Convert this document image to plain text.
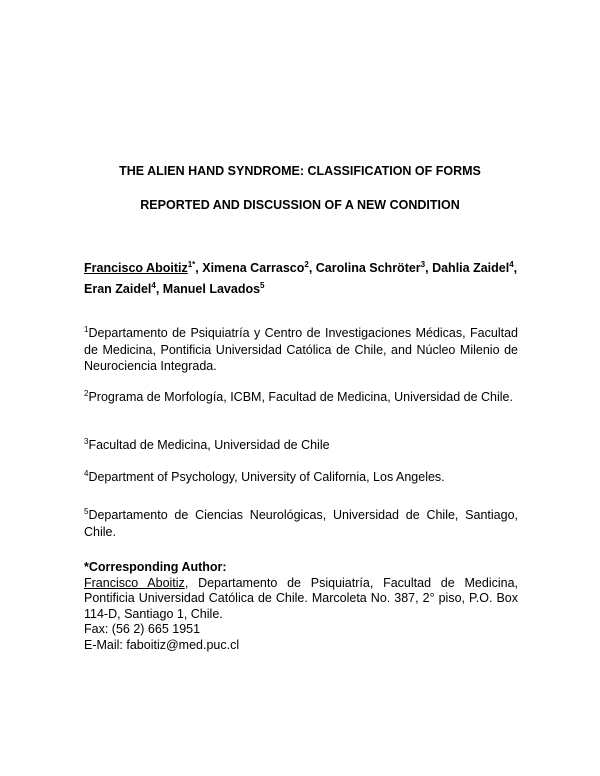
THE ALIEN HAND SYNDROME: CLASSIFICATION OF FORMS
REPORTED AND DISCUSSION OF A NEW CONDITION
Francisco Aboitiz$^{1*}$, Ximena Carrasco$^2$, Carolina Schröter$^3$, Dahlia Zaidel$^4$, Eran Zaidel$^4$, Manuel Lavados$^5$
$^1$Departamento de Psiquiatría y Centro de Investigaciones Médicas, Facultad de Medicina, Pontificia Universidad Católica de Chile, and Núcleo Milenio de Neurociencia Integrada.
$^2$Programa de Morfología, ICBM, Facultad de Medicina, Universidad de Chile.
$^3$Facultad de Medicina, Universidad de Chile
$^4$Department of Psychology, University of California, Los Angeles.
$^5$Departamento de Ciencias Neurológicas, Universidad de Chile, Santiago, Chile.
*Corresponding Author:
Francisco Aboitiz, Departamento de Psiquiatría, Facultad de Medicina, Pontificia Universidad Católica de Chile. Marcoleta No. 387, 2° piso, P.O. Box 114-D, Santiago 1, Chile.
Fax: (56 2) 665 1951
E-Mail: faboitiz@med.puc.cl
